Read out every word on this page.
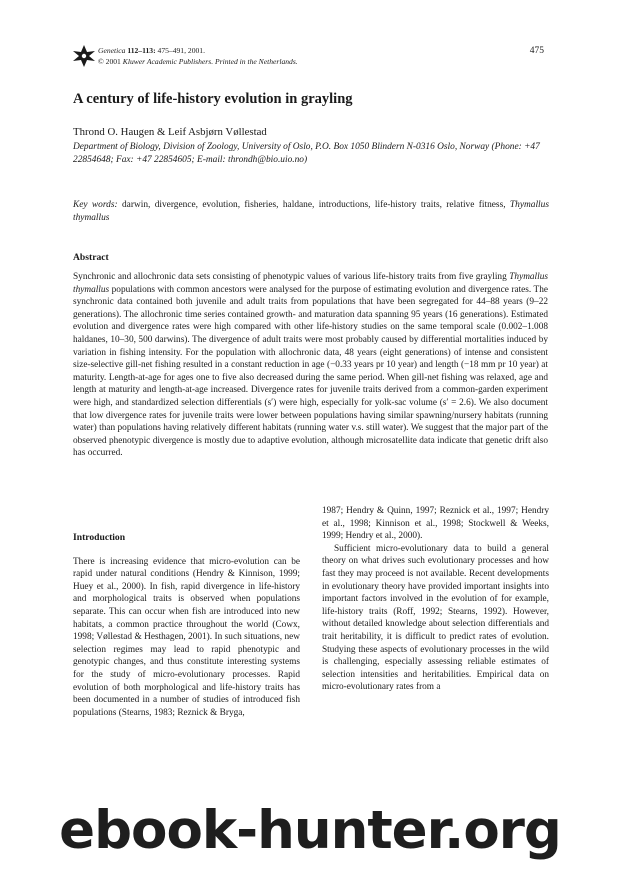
Genetica 112–113: 475–491, 2001.
© 2001 Kluwer Academic Publishers. Printed in the Netherlands.
475
A century of life-history evolution in grayling
Thrond O. Haugen & Leif Asbjørn Vøllestad
Department of Biology, Division of Zoology, University of Oslo, P.O. Box 1050 Blindern N-0316 Oslo, Norway (Phone: +47 22854648; Fax: +47 22854605; E-mail: throndh@bio.uio.no)
Key words: darwin, divergence, evolution, fisheries, haldane, introductions, life-history traits, relative fitness, Thymallus thymallus
Abstract
Synchronic and allochronic data sets consisting of phenotypic values of various life-history traits from five grayling Thymallus thymallus populations with common ancestors were analysed for the purpose of estimating evolution and divergence rates. The synchronic data contained both juvenile and adult traits from populations that have been segregated for 44–88 years (9–22 generations). The allochronic time series contained growth- and maturation data spanning 95 years (16 generations). Estimated evolution and divergence rates were high compared with other life-history studies on the same temporal scale (0.002–1.008 haldanes, 10–30, 500 darwins). The divergence of adult traits were most probably caused by differential mortalities induced by variation in fishing intensity. For the population with allochronic data, 48 years (eight generations) of intense and consistent size-selective gill-net fishing resulted in a constant reduction in age (−0.33 years pr 10 year) and length (−18 mm pr 10 year) at maturity. Length-at-age for ages one to five also decreased during the same period. When gill-net fishing was relaxed, age and length at maturity and length-at-age increased. Divergence rates for juvenile traits derived from a common-garden experiment were high, and standardized selection differentials (s′) were high, especially for yolk-sac volume (s′ = 2.6). We also document that low divergence rates for juvenile traits were lower between populations having similar spawning/nursery habitats (running water) than populations having relatively different habitats (running water v.s. still water). We suggest that the major part of the observed phenotypic divergence is mostly due to adaptive evolution, although microsatellite data indicate that genetic drift also has occurred.
Introduction

There is increasing evidence that micro-evolution can be rapid under natural conditions (Hendry & Kinnison, 1999; Huey et al., 2000). In fish, rapid divergence in life-history and morphological traits is observed when populations separate. This can occur when fish are introduced into new habitats, a common practice throughout the world (Cowx, 1998; Vøllestad & Hesthagen, 2001). In such situations, new selection regimes may lead to rapid phenotypic and genotypic changes, and thus constitute interesting systems for the study of micro-evolutionary processes. Rapid evolution of both morphological and life-history traits has been documented in a number of studies of introduced fish populations (Stearns, 1983; Reznick & Bryga,

1987; Hendry & Quinn, 1997; Reznick et al., 1997; Hendry et al., 1998; Kinnison et al., 1998; Stockwell & Weeks, 1999; Hendry et al., 2000).

Sufficient micro-evolutionary data to build a general theory on what drives such evolutionary processes and how fast they may proceed is not available. Recent developments in evolutionary theory have provided important insights into important factors involved in the evolution of for example, life-history traits (Roff, 1992; Stearns, 1992). However, without detailed knowledge about selection differentials and trait heritability, it is difficult to predict rates of evolution. Studying these aspects of evolutionary processes in the wild is challenging, especially assessing reliable estimates of selection intensities and heritabilities. Empirical data on micro-evolutionary rates from a

ebook-hunter.org
